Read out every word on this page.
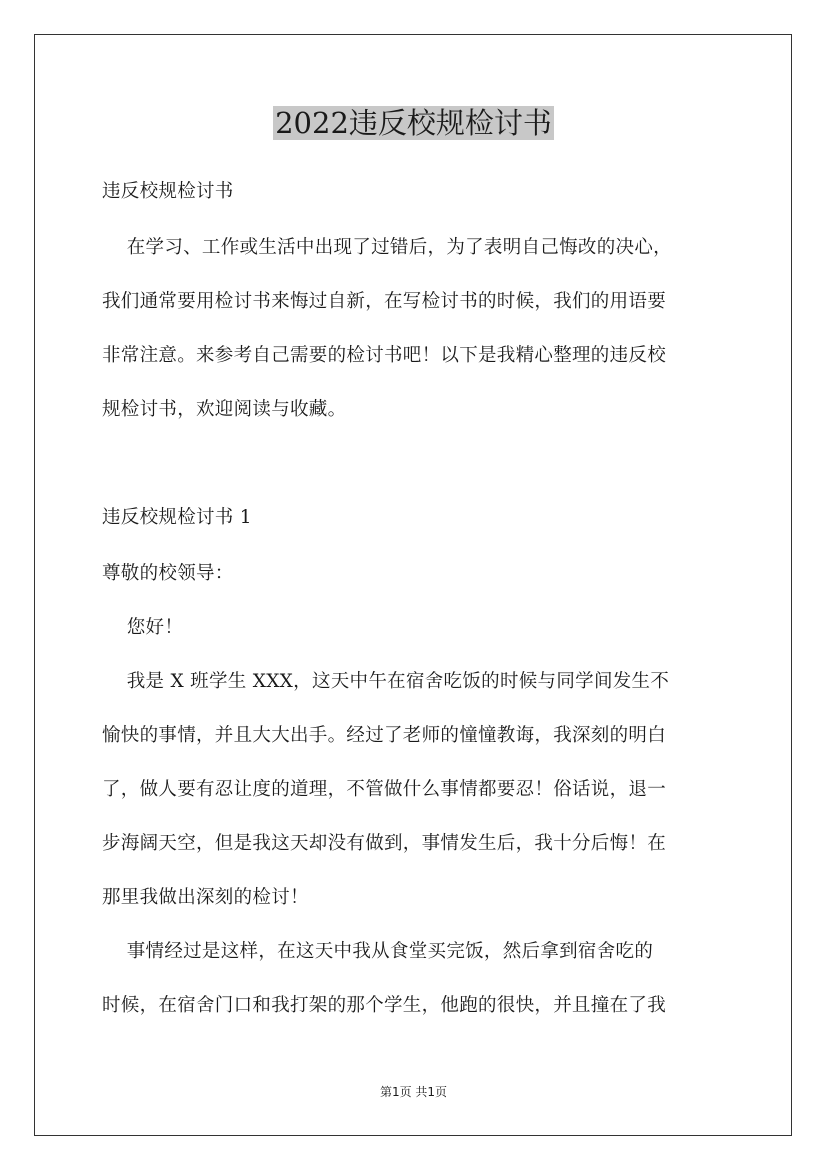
2022违反校规检讨书
违反校规检讨书
在学习、工作或生活中出现了过错后，为了表明自己悔改的决心，
我们通常要用检讨书来悔过自新，在写检讨书的时候，我们的用语要
非常注意。来参考自己需要的检讨书吧！以下是我精心整理的违反校
规检讨书，欢迎阅读与收藏。
违反校规检讨书 1
尊敬的校领导：
您好！
我是 X 班学生 XXX，这天中午在宿舍吃饭的时候与同学间发生不
愉快的事情，并且大大出手。经过了老师的憧憧教诲，我深刻的明白
了，做人要有忍让度的道理，不管做什么事情都要忍！俗话说，退一
步海阔天空，但是我这天却没有做到，事情发生后，我十分后悔！在
那里我做出深刻的检讨！
事情经过是这样，在这天中我从食堂买完饭，然后拿到宿舍吃的
时候，在宿舍门口和我打架的那个学生，他跑的很快，并且撞在了我
第1页 共1页
